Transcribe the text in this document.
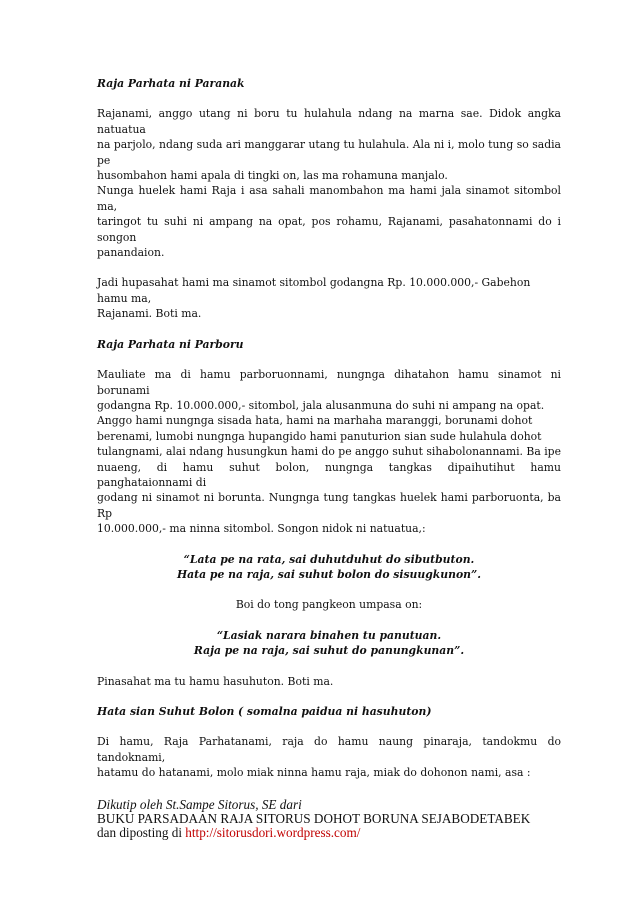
Raja Parhata ni Paranak

Rajanami, anggo utang ni boru tu hulahula ndang na marna sae. Didok angka natuatua

na parjolo, ndang suda ari manggarar utang tu hulahula. Ala ni i, molo tung so sadia pe

husombahon hami apala di tingki on, las ma rohamuna manjalo.

Nunga huelek hami Raja i asa sahali manombahon ma hami jala sinamot sitombol ma,

taringot tu suhi ni ampang na opat, pos rohamu, Rajanami, pasahatonnami do i songon

panandaion.

Jadi hupasahat hami ma sinamot sitombol godangna Rp. 10.000.000,- Gabehon hamu ma,

Rajanami. Boti ma.

Raja Parhata ni Parboru

Mauliate ma di hamu parboruonnami, nungnga dihatahon hamu sinamot ni borunami

godangna Rp. 10.000.000,- sitombol, jala alusanmuna do suhi ni ampang na opat.

Anggo hami nungnga sisada hata, hami na marhaha maranggi, borunami dohot

berenami, lumobi nungnga hupangido hami panuturion sian sude hulahula dohot

tulangnami, alai ndang husungkun hami do pe anggo suhut sihabolonannami. Ba ipe

nuaeng, di hamu suhut bolon, nungnga tangkas dipaihutihut hamu panghataionnami di

godang ni sinamot ni borunta. Nungnga tung tangkas huelek hami parboruonta, ba Rp

10.000.000,- ma ninna sitombol. Songon nidok ni natuatua,:

“Lata pe na rata, sai duhutduhut do sibutbuton.

Hata pe na raja, sai suhut bolon do sisuugkunon”.

Boi do tong pangkeon umpasa on:

“Lasiak narara binahen tu panutuan.

Raja pe na raja, sai suhut do panungkunan”.

Pinasahat ma tu hamu hasuhuton. Boti ma.

Hata sian Suhut Bolon ( somalna paidua ni hasuhuton)

Di hamu, Raja Parhatanami, raja do hamu naung pinaraja, tandokmu do tandoknami,

hatamu do hatanami, molo miak ninna hamu raja, miak do dohonon nami, asa :

Dikutip oleh St.Sampe Sitorus, SE dari

BUKU PARSADAAN RAJA SITORUS DOHOT BORUNA SEJABODETABEK

dan diposting di http://sitorusdori.wordpress.com/
